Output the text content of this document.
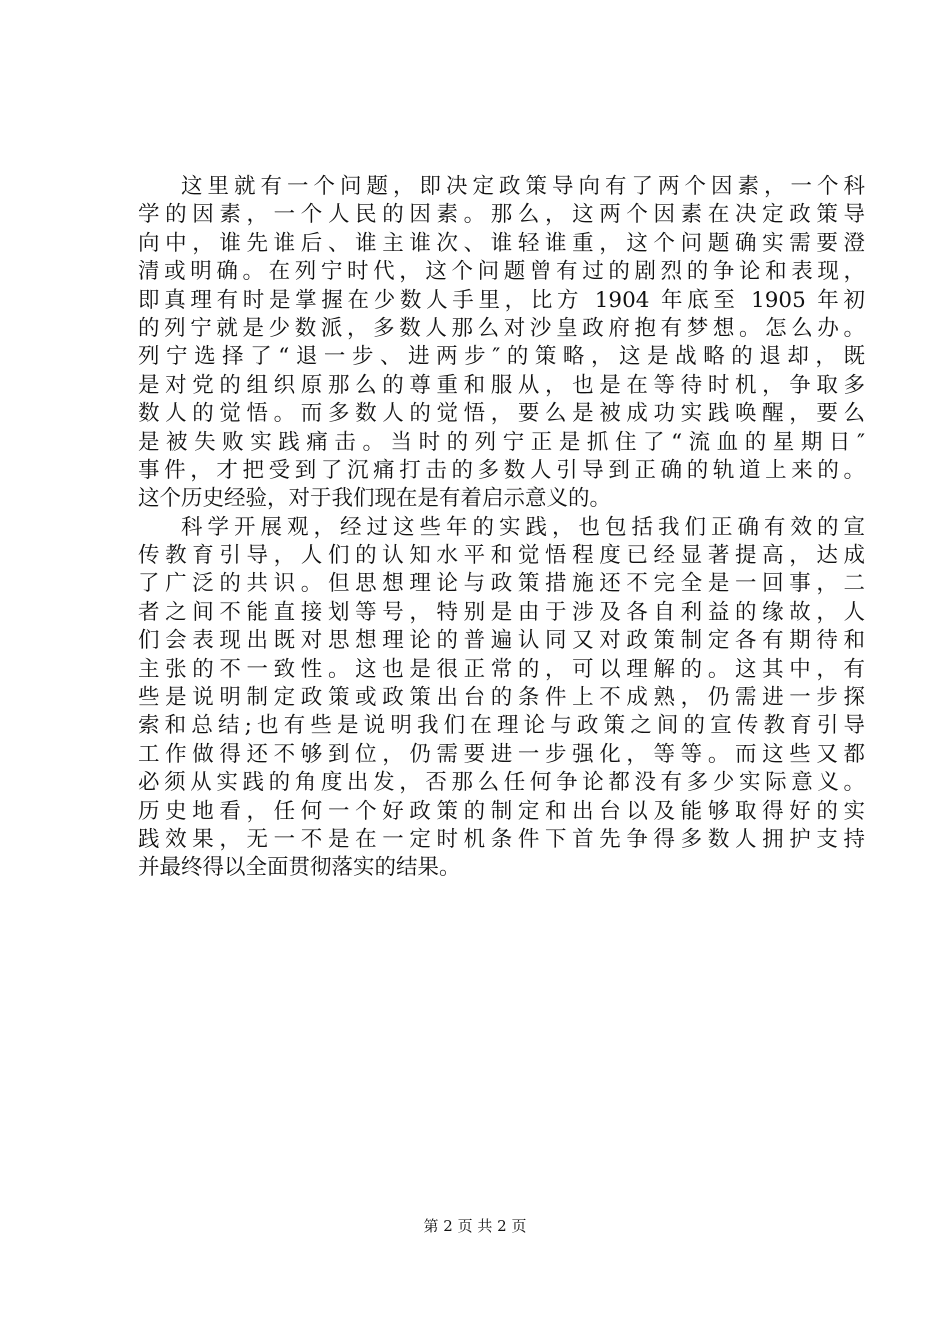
这里就有一个问题，即决定政策导向有了两个因素，一个科
学的因素，一个人民的因素。那么，这两个因素在决定政策导
向中，谁先谁后、谁主谁次、谁轻谁重，这个问题确实需要澄
清或明确。在列宁时代，这个问题曾有过的剧烈的争论和表现，
即真理有时是掌握在少数人手里，比方 1904 年底至 1905 年初
的列宁就是少数派，多数人那么对沙皇政府抱有梦想。怎么办。
列宁选择了“退一步、进两步″的策略，这是战略的退却，既
是对党的组织原那么的尊重和服从，也是在等待时机，争取多
数人的觉悟。而多数人的觉悟，要么是被成功实践唤醒，要么
是被失败实践痛击。当时的列宁正是抓住了“流血的星期日″
事件，才把受到了沉痛打击的多数人引导到正确的轨道上来的。
这个历史经验，对于我们现在是有着启示意义的。
科学开展观，经过这些年的实践，也包括我们正确有效的宣
传教育引导，人们的认知水平和觉悟程度已经显著提高，达成
了广泛的共识。但思想理论与政策措施还不完全是一回事，二
者之间不能直接划等号，特别是由于涉及各自利益的缘故，人
们会表现出既对思想理论的普遍认同又对政策制定各有期待和
主张的不一致性。这也是很正常的，可以理解的。这其中，有
些是说明制定政策或政策出台的条件上不成熟，仍需进一步探
索和总结;也有些是说明我们在理论与政策之间的宣传教育引导
工作做得还不够到位，仍需要进一步强化，等等。而这些又都
必须从实践的角度出发，否那么任何争论都没有多少实际意义。
历史地看，任何一个好政策的制定和出台以及能够取得好的实
践效果，无一不是在一定时机条件下首先争得多数人拥护支持
并最终得以全面贯彻落实的结果。
第 2 页 共 2 页
